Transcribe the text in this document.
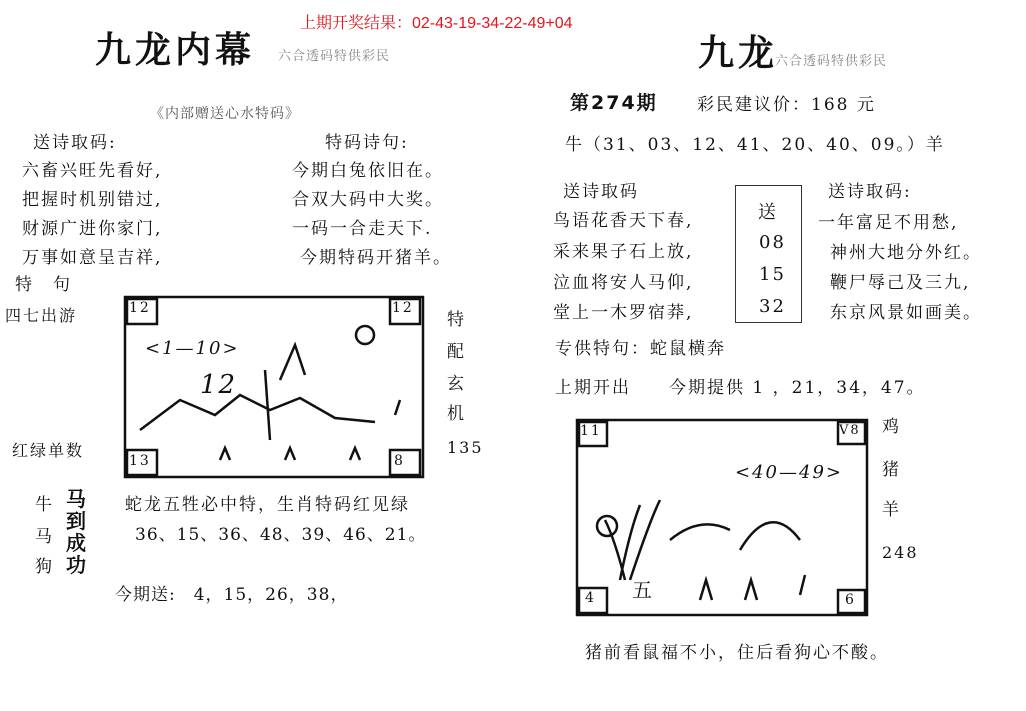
上期开奖结果：02-43-19-34-22-49+04
九龙内幕 六合透码特供彩民
《内部赠送心水特码》
送诗取码:	特码诗句:
六畜兴旺先看好,
把握时机别错过,
财源广进你家门,
万事如意呈吉祥,
今期白兔依旧在。
合双大码中大奖。
一码一合走天下.
今期特码开猪羊。
特　句
四七出游	特
配
玄
机
135
红绿单数
牛
马
狗
马
到
成
功
蛇龙五牲必中特，生肖特码红见绿
36、15、36、48、39、46、21。
今期送:　4，15，26，38，
九龙
六合透码特供彩民
第274期 彩民建议价：168 元
牛（31、03、12、41、20、40、09。）羊
送诗取码	送诗取码:
鸟语花香天下春,
采来果子石上放,
泣血将安人马仰,
堂上一木罗宿莽,
一年富足不用愁,
神州大地分外红。
鞭尸辱己及三九,
东京风景如画美。
送
08
15
32
专供特句：蛇鼠横奔
上期开出　　今期提供 1 ，21，34，47。
鸡
猪
羊
248
猪前看鼠福不小，住后看狗心不酸。
12	12
13	8
<1—10>
12
11	V8
4	6
<40—49>
五
